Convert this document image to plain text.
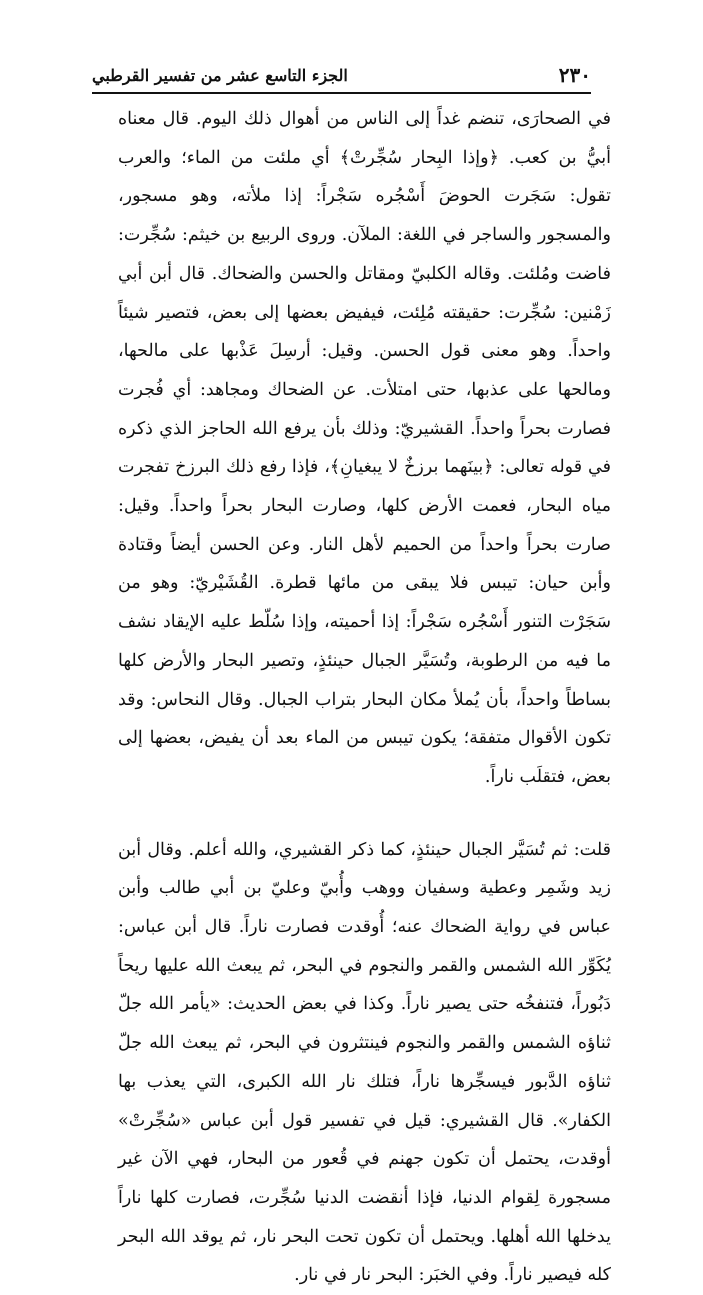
٢٣٠
الجزء التاسع عشر من تفسير القرطبي

في الصحارَى، تنضم غداً إلى الناس من أهوال ذلك اليوم. قال معناه أبيُّ بن كعب. ﴿وإذا البِحار سُجِّرتْ﴾ أي ملئت من الماء؛ والعرب تقول: سَجَرت الحوضَ أَسْجُره سَجْراً: إذا ملأته، وهو مسجور، والمسجور والساجر في اللغة: الملآن. وروى الربيع بن خيثم: سُجِّرت: فاضت ومُلئت. وقاله الكلبيّ ومقاتل والحسن والضحاك. قال أبن أبي زَمْنين: سُجِّرت: حقيقته مُلِئت، فيفيض بعضها إلى بعض، فتصير شيئاً واحداً. وهو معنى قول الحسن. وقيل: أرسِلَ عَذْبها على مالحها، ومالحها على عذبها، حتى امتلأت. عن الضحاك ومجاهد: أي فُجرت فصارت بحراً واحداً. القشيريّ: وذلك بأن يرفع الله الحاجز الذي ذكره في قوله تعالى: ﴿بينَهما برزخٌ لا يبغيانِ﴾، فإذا رفع ذلك البرزخ تفجرت مياه البحار، فعمت الأرض كلها، وصارت البحار بحراً واحداً. وقيل: صارت بحراً واحداً من الحميم لأهل النار. وعن الحسن أيضاً وقتادة وأبن حيان: تيبس فلا يبقى من مائها قطرة. القُشَيْريّ: وهو من سَجَرْت التنور أَسْجُره سَجْراً: إذا أحميته، وإذا سُلّط عليه الإيقاد نشف ما فيه من الرطوبة، وتُسَيَّر الجبال حينئذٍ، وتصير البحار والأرض كلها بساطاً واحداً، بأن يُملأ مكان البحار بتراب الجبال. وقال النحاس: وقد تكون الأقوال متفقة؛ يكون تيبس من الماء بعد أن يفيض، بعضها إلى بعض، فتقلَب ناراً.

قلت: ثم تُسَيَّر الجبال حينئذٍ، كما ذكر القشيري، والله أعلم. وقال أبن زيد وشَمِر وعطية وسفيان ووهب وأُبيّ وعليّ بن أبي طالب وأبن عباس في رواية الضحاك عنه؛ أُوقدت فصارت ناراً. قال أبن عباس: يُكَوِّر الله الشمس والقمر والنجوم في البحر، ثم يبعث الله عليها ريحاً دَبُوراً، فتنفخُه حتى يصير ناراً. وكذا في بعض الحديث: «يأمر الله جلّ ثناؤه الشمس والقمر والنجوم فينتثرون في البحر، ثم يبعث الله جلّ ثناؤه الدَّبور فيسجِّرها ناراً، فتلك نار الله الكبرى، التي يعذب بها الكفار». قال القشيري: قيل في تفسير قول أبن عباس «سُجِّرتْ» أوقدت، يحتمل أن تكون جهنم في قُعور من البحار، فهي الآن غير مسجورة لِقوام الدنيا، فإذا أنقضت الدنيا سُجِّرت، فصارت كلها ناراً يدخلها الله أهلها. ويحتمل أن تكون تحت البحر نار، ثم يوقد الله البحر كله فيصير ناراً. وفي الخبَر: البحر نار في نار.
